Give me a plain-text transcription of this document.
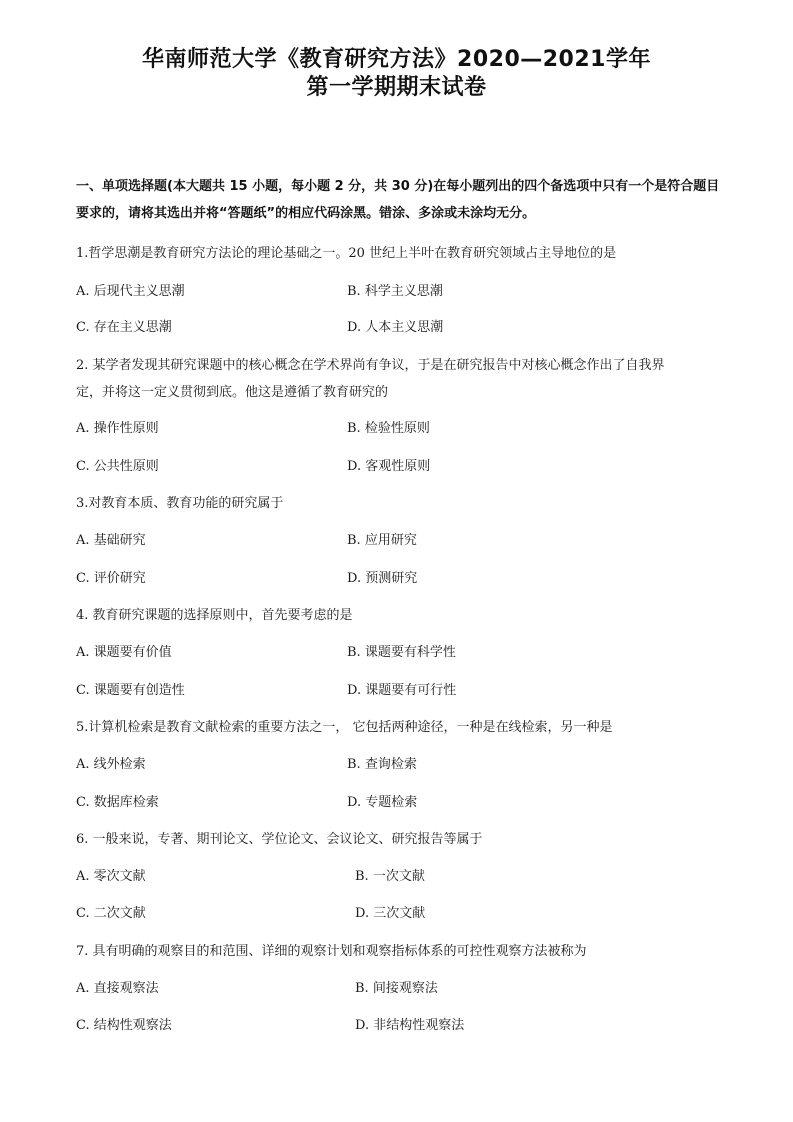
华南师范大学《教育研究方法》2020—2021学年
第一学期期末试卷
一、单项选择题(本大题共 15 小题，每小题 2 分，共 30 分)在每小题列出的四个备选项中只有一个是符合题目要求的，请将其选出并将“答题纸”的相应代码涂黑。错涂、多涂或未涂均无分。
1.哲学思潮是教育研究方法论的理论基础之一。20 世纪上半叶在教育研究领域占主导地位的是
A. 后现代主义思潮	B. 科学主义思潮
C. 存在主义思潮	D. 人本主义思潮
2. 某学者发现其研究课题中的核心概念在学术界尚有争议，于是在研究报告中对核心概念作出了自我界
定，并将这一定义贯彻到底。他这是遵循了教育研究的
A. 操作性原则	B. 检验性原则
C. 公共性原则	D. 客观性原则
3.对教育本质、教育功能的研究属于
A. 基础研究	B. 应用研究
C. 评价研究	D. 预测研究
4. 教育研究课题的选择原则中，首先要考虑的是
A. 课题要有价值	B. 课题要有科学性
C. 课题要有创造性	D. 课题要有可行性
5.计算机检索是教育文献检索的重要方法之一， 它包括两种途径，一种是在线检索，另一种是
A. 线外检索	B. 查询检索
C. 数据库检索	D. 专题检索
6. 一般来说，专著、期刊论文、学位论文、会议论文、研究报告等属于
A. 零次文献	B. 一次文献
C. 二次文献	D. 三次文献
7. 具有明确的观察目的和范围、详细的观察计划和观察指标体系的可控性观察方法被称为
A. 直接观察法	B. 间接观察法
C. 结构性观察法	D. 非结构性观察法
